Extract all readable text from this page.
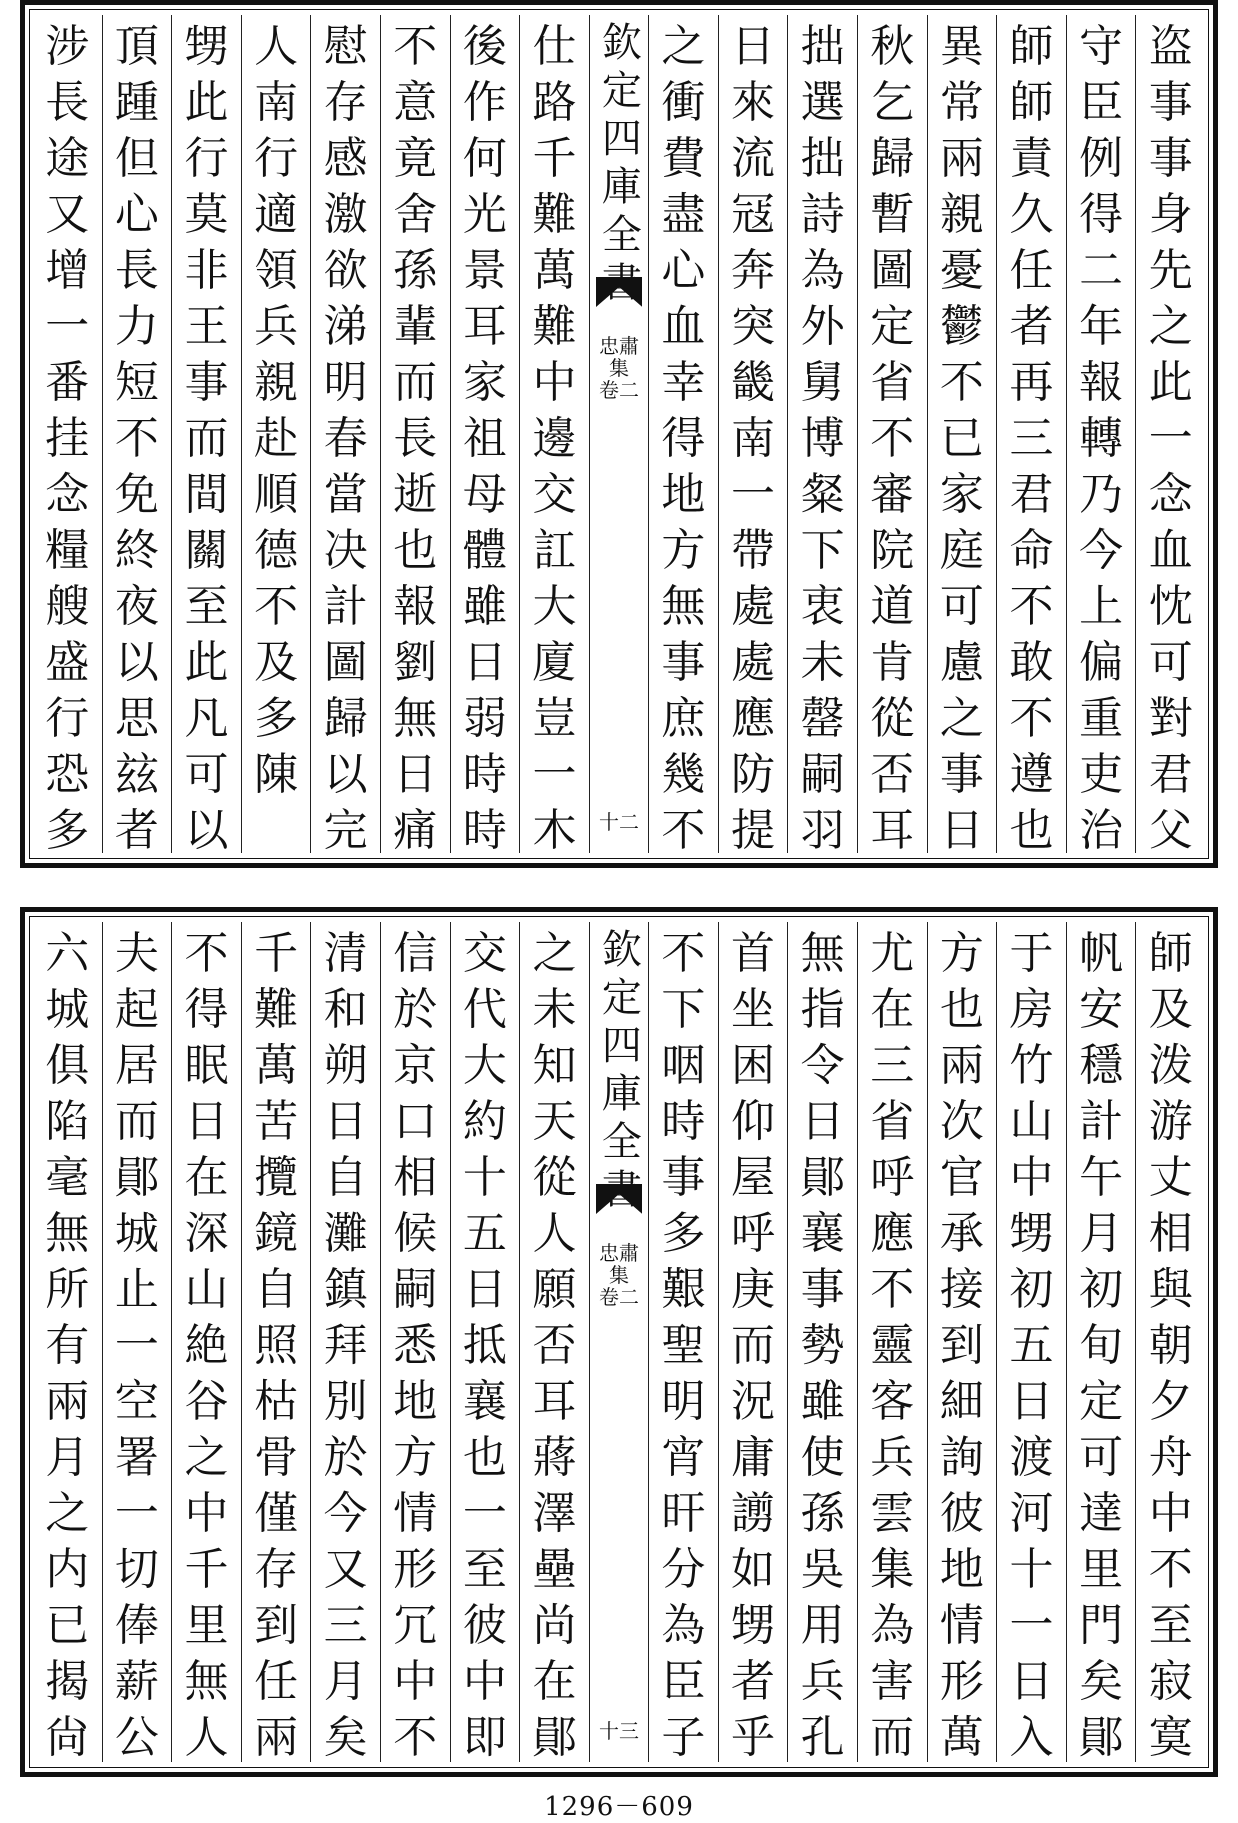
盗事事身先之此一念血忱可對君父
守臣例得二年報轉乃今上偏重吏治
師師責久任者再三君命不敢不遵也
異常兩親憂鬱不已家庭可慮之事日
秋乞歸暫圖定省不審院道肯從否耳
拙選拙詩為外舅博粲下衷未罄嗣羽
日來流冦奔突畿南一帶處處應防提
之衝費盡心血幸得地方無事庶幾不
欽定四庫全
忠肅集
卷二
十二
仕路千難萬難中邊交訌大廈豈一木
後作何光景耳家祖母體雖日弱時時
不意竟舍孫輩而長逝也報劉無日痛
慰存感激欲涕明春當决計圖歸以完
人南行適領兵親赴順德不及多陳
甥此行莫非王事而間關至此凡可以
頂踵但心長力短不免終夜以思玆者
涉長途又增一番挂念糧艘盛行恐多
師及泼游丈相與朝夕舟中不至寂寞
帆安穩計午月初旬定可達里門矣鄖
于房竹山中甥初五日渡河十一日入
方也兩次官承接到細詢彼地情形萬
尤在三省呼應不靈客兵雲集為害而
無指令日鄖襄事勢雖使孫吳用兵孔
首坐困仰屋呼庚而況庸謭如甥者乎
不下咽時事多艱聖明宵旰分為臣子
欽定四庫全
忠肅集
卷二
十三
之未知天從人願否耳蔣澤壘尚在鄖
交代大約十五日抵襄也一至彼中即
信於京口相候嗣悉地方情形冗中不
清和朔日自灘鎮拜別於今又三月矣
千難萬苦攬鏡自照枯骨僅存到任兩
不得眠日在深山絶谷之中千里無人
夫起居而鄖城止一空署一切俸薪公
六城俱陷毫無所有兩月之内已揭尙
1296－609
